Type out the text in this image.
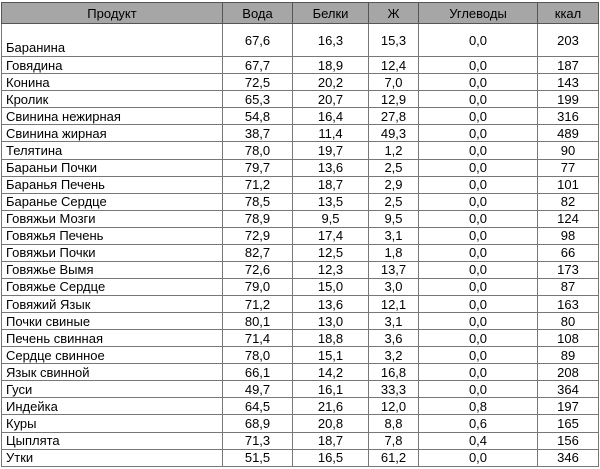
Продукт	Вода	Белки	Ж	Углеводы	ккал
Баранина	67,6	16,3	15,3	0,0	203
Говядина	67,7	18,9	12,4	0,0	187
Конина	72,5	20,2	7,0	0,0	143
Кролик	65,3	20,7	12,9	0,0	199
Свинина нежирная	54,8	16,4	27,8	0,0	316
Свинина жирная	38,7	11,4	49,3	0,0	489
Телятина	78,0	19,7	1,2	0,0	90
Бараньи Почки	79,7	13,6	2,5	0,0	77
Баранья Печень	71,2	18,7	2,9	0,0	101
Баранье Сердце	78,5	13,5	2,5	0,0	82
Говяжьи Мозги	78,9	9,5	9,5	0,0	124
Говяжья Печень	72,9	17,4	3,1	0,0	98
Говяжьи Почки	82,7	12,5	1,8	0,0	66
Говяжье Вымя	72,6	12,3	13,7	0,0	173
Говяжье Сердце	79,0	15,0	3,0	0,0	87
Говяжий Язык	71,2	13,6	12,1	0,0	163
Почки свиные	80,1	13,0	3,1	0,0	80
Печень свинная	71,4	18,8	3,6	0,0	108
Сердце свинное	78,0	15,1	3,2	0,0	89
Язык свинной	66,1	14,2	16,8	0,0	208
Гуси	49,7	16,1	33,3	0,0	364
Индейка	64,5	21,6	12,0	0,8	197
Куры	68,9	20,8	8,8	0,6	165
Цыплята	71,3	18,7	7,8	0,4	156
Утки	51,5	16,5	61,2	0,0	346
